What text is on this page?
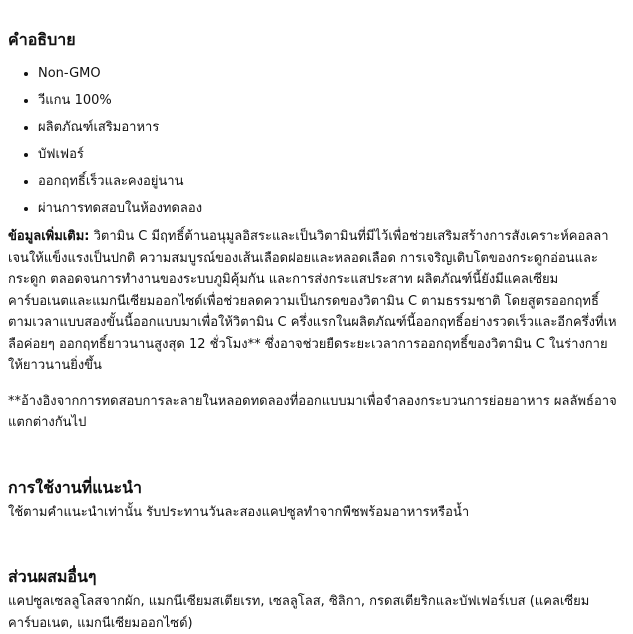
คำอธิบาย
• Non-GMO
• วีแกน 100%
• ผลิตภัณฑ์เสริมอาหาร
• บัฟเฟอร์
• ออกฤทธิ์เร็วและคงอยู่นาน
• ผ่านการทดสอบในห้องทดลอง

ข้อมูลเพิ่มเติม: วิตามิน C มีฤทธิ์ต้านอนุมูลอิสระและเป็นวิตามินที่มีไว้เพื่อช่วยเสริมสร้างการสังเคราะห์คอลลาเจนให้แข็งแรงเป็นปกติ ความสมบูรณ์ของเส้นเลือดฝอยและหลอดเลือด การเจริญเติบโตของกระดูกอ่อนและกระดูก ตลอดจนการทำงานของระบบภูมิคุ้มกัน และการส่งกระแสประสาท ผลิตภัณฑ์นี้ยังมีแคลเซียมคาร์บอเนตและแมกนีเซียมออกไซด์เพื่อช่วยลดความเป็นกรดของวิตามิน C ตามธรรมชาติ โดยสูตรออกฤทธิ์ตามเวลาแบบสองขั้นนี้ออกแบบมาเพื่อให้วิตามิน C ครึ่งแรกในผลิตภัณฑ์นี้ออกฤทธิ์อย่างรวดเร็วและอีกครึ่งที่เหลือค่อยๆ ออกฤทธิ์ยาวนานสูงสุด 12 ชั่วโมง** ซึ่งอาจช่วยยืดระยะเวลาการออกฤทธิ์ของวิตามิน C ในร่างกายให้ยาวนานยิ่งขึ้น

**อ้างอิงจากการทดสอบการละลายในหลอดทดลองที่ออกแบบมาเพื่อจำลองกระบวนการย่อยอาหาร ผลลัพธ์อาจแตกต่างกันไป

การใช้งานที่แนะนำ

ใช้ตามคำแนะนำเท่านั้น รับประทานวันละสองแคปซูลทำจากพืชพร้อมอาหารหรือน้ำ

ส่วนผสมอื่นๆ

แคปซูลเซลลูโลสจากผัก, แมกนีเซียมสเตียเรท, เซลลูโลส, ซิลิกา, กรดสเตียริกและบัฟเฟอร์เบส (แคลเซียมคาร์บอเนต, แมกนีเซียมออกไซด์)
